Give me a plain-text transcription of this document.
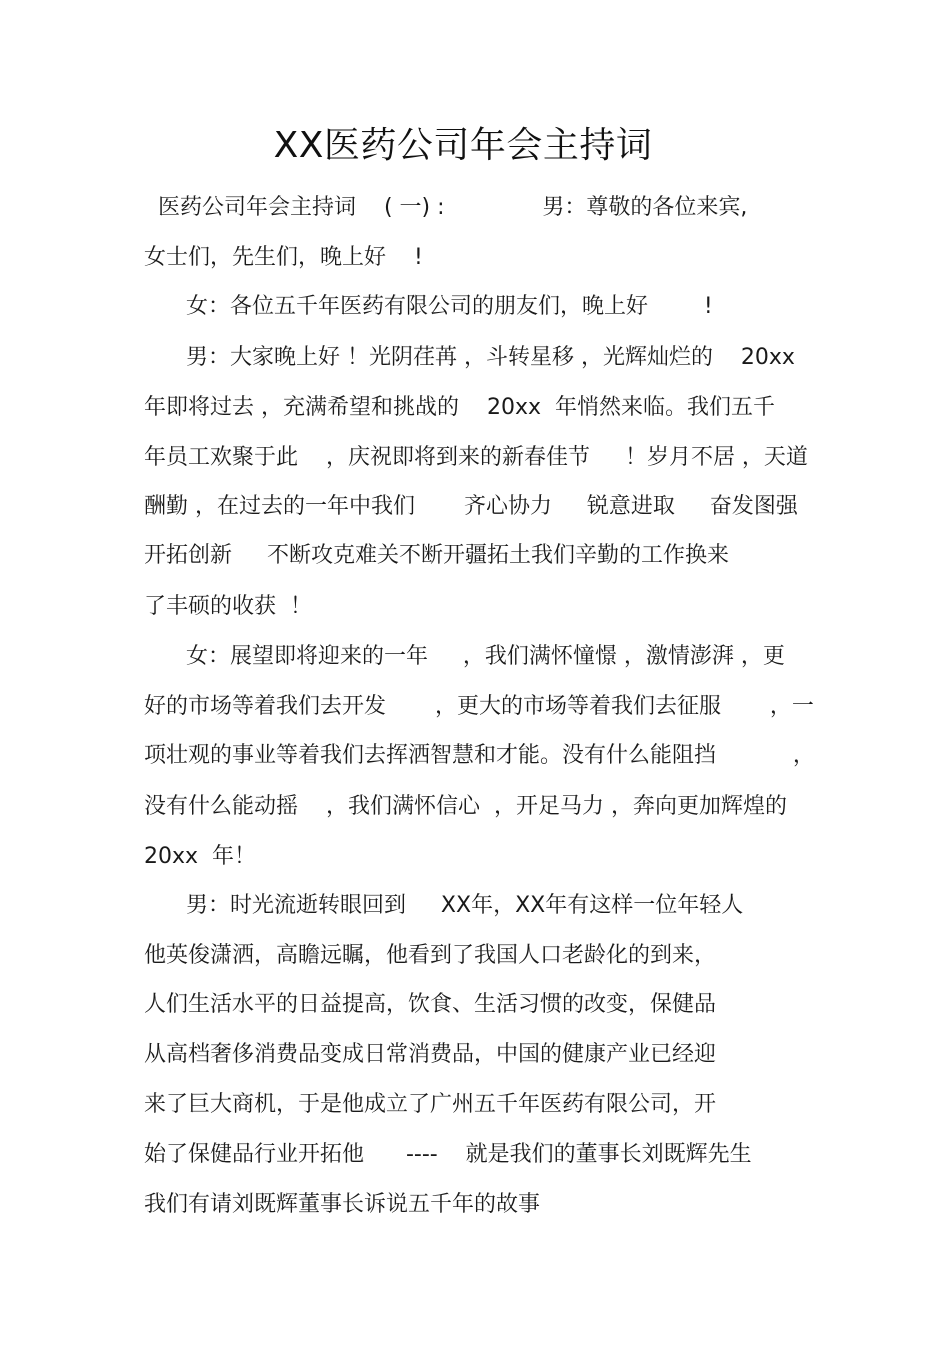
XX医药公司年会主持词
医药公司年会主持词    ( 一) :              男：尊敬的各位来宾,
女士们，先生们，晚上好    !
女：各位五千年医药有限公司的朋友们，晚上好        !
男：大家晚上好 ！光阴荏苒 ，斗转星移 ，光辉灿烂的    20xx
年即将过去 ，充满希望和挑战的    20xx  年悄然来临。我们五千
年员工欢聚于此    ，庆祝即将到来的新春佳节     ！岁月不居 ，天道
酬勤 ，在过去的一年中我们       齐心协力     锐意进取     奋发图强
开拓创新     不断攻克难关不断开疆拓土我们辛勤的工作换来
了丰硕的收获  ！
女：展望即将迎来的一年     ，我们满怀憧憬 ，激情澎湃 ，更
好的市场等着我们去开发       ，更大的市场等着我们去征服       ，一
项壮观的事业等着我们去挥洒智慧和才能。没有什么能阻挡           ，
没有什么能动摇    ，我们满怀信心  ，开足马力 ，奔向更加辉煌的
20xx  年！
男：时光流逝转眼回到     XX年，XX年有这样一位年轻人
他英俊潇洒，高瞻远瞩，他看到了我国人口老龄化的到来，
人们生活水平的日益提高，饮食、生活习惯的改变，保健品
从高档奢侈消费品变成日常消费品，中国的健康产业已经迎
来了巨大商机，于是他成立了广州五千年医药有限公司，开
始了保健品行业开拓他      ----    就是我们的董事长刘既辉先生
我们有请刘既辉董事长诉说五千年的故事
